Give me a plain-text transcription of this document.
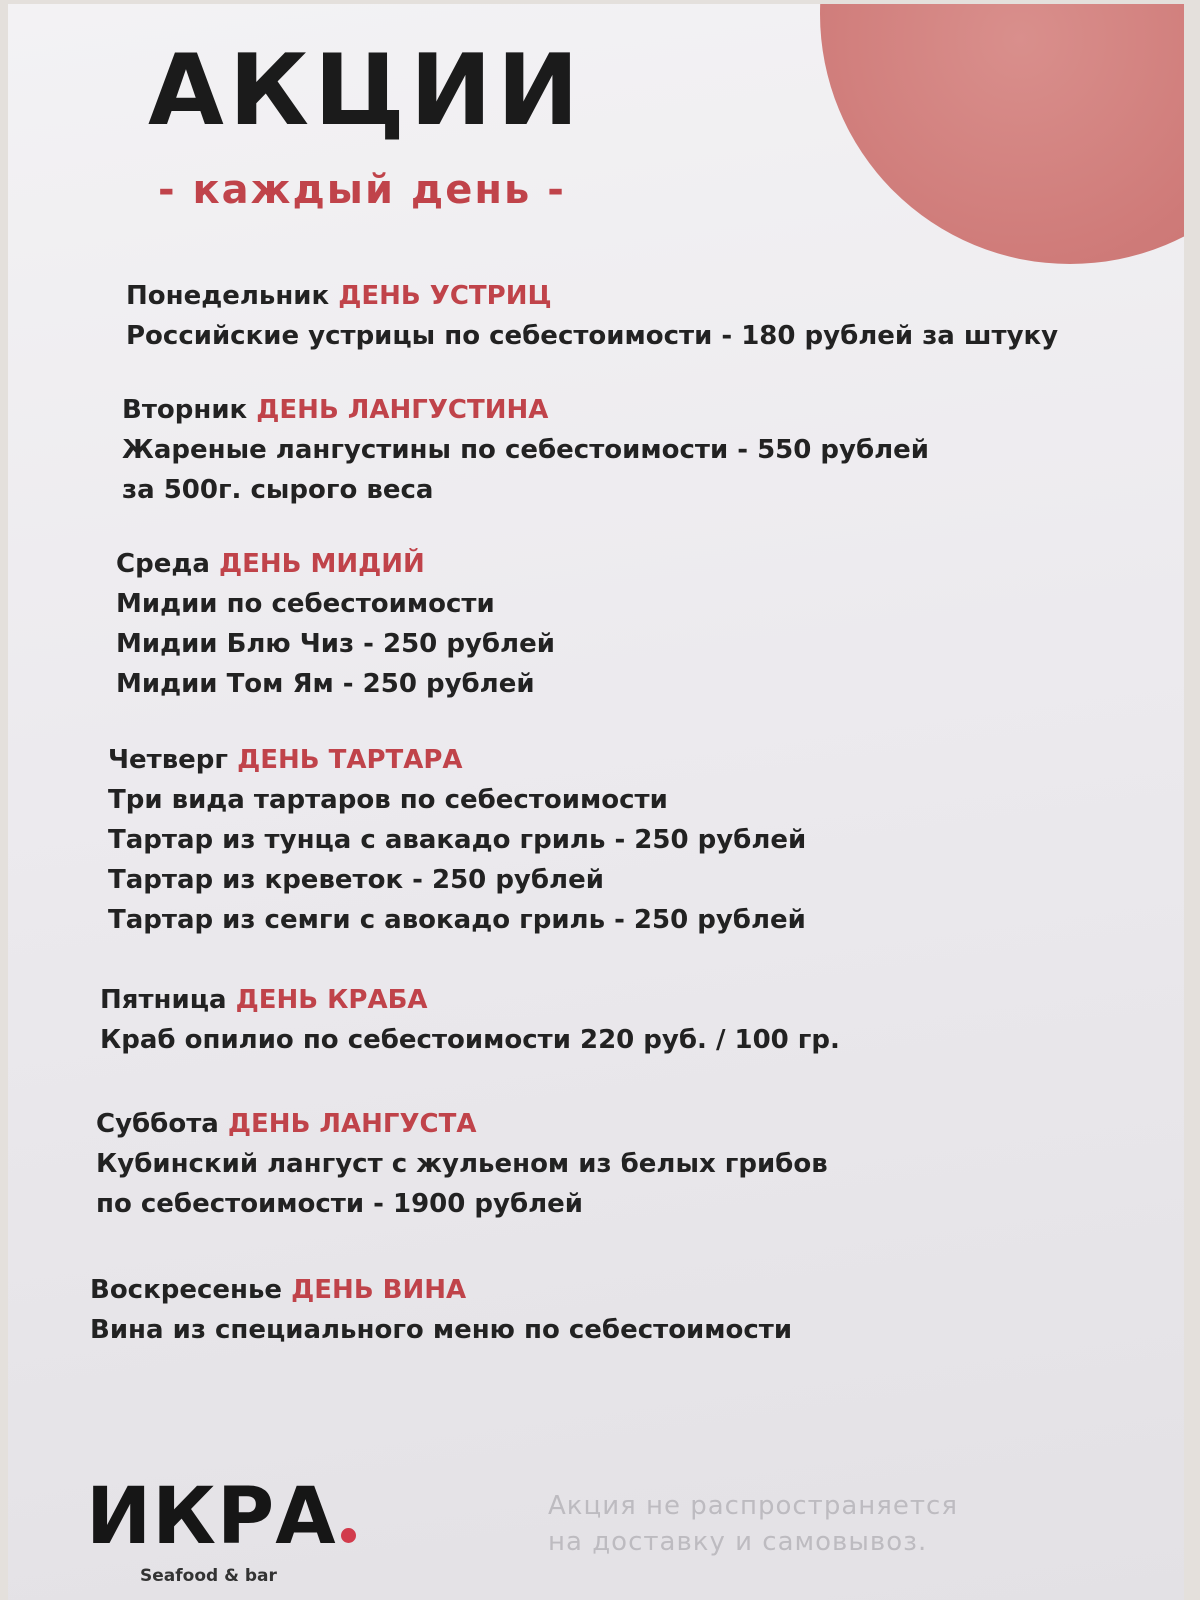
АКЦИИ
- каждый день -
Понедельник ДЕНЬ УСТРИЦ
Российские устрицы по себестоимости - 180 рублей за штуку
Вторник ДЕНЬ ЛАНГУСТИНА
Жареные лангустины по себестоимости - 550 рублей
за 500г. сырого веса
Среда ДЕНЬ МИДИЙ
Мидии по себестоимости
Мидии Блю Чиз - 250 рублей
Мидии Том Ям - 250 рублей
Четверг ДЕНЬ ТАРТАРА
Три вида тартаров по себестоимости
Тартар из тунца с авакадо гриль - 250 рублей
Тартар из креветок - 250 рублей
Тартар из семги с авокадо гриль - 250 рублей
Пятница ДЕНЬ КРАБА
Краб опилио по себестоимости 220 руб. / 100 гр.
Суббота ДЕНЬ ЛАНГУСТА
Кубинский лангуст с жульеном из белых грибов
по себестоимости - 1900 рублей
Воскресенье ДЕНЬ ВИНА
Вина из специального меню по себестоимости
ИКРА
Seafood & bar
Акция не распространяется
на доставку и самовывоз.
